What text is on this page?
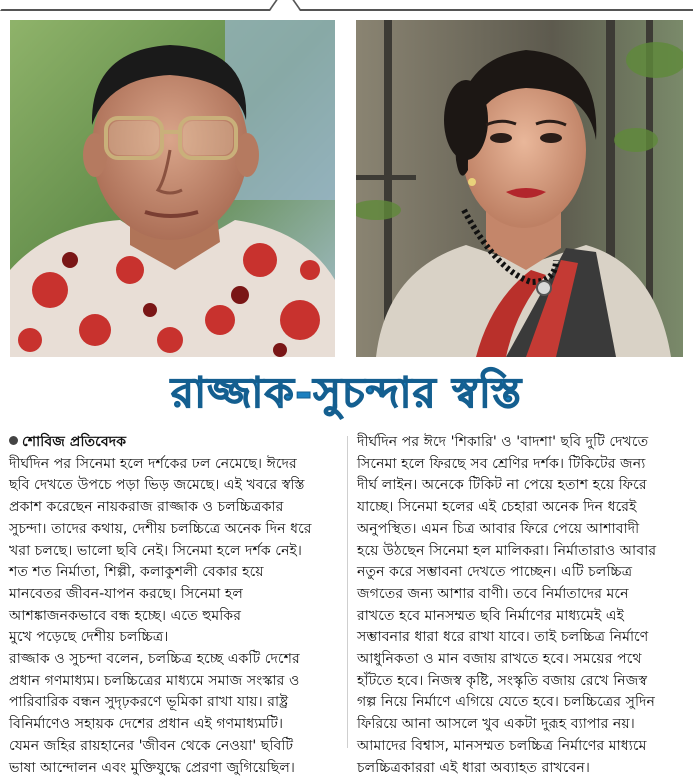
রাজ্জাক-সুচন্দার স্বস্তি

শোবিজ প্রতিবেদক

দীর্ঘদিন পর সিনেমা হলে দর্শকের ঢল নেমেছে। ঈদের

ছবি দেখতে উপচে পড়া ভিড় জমেছে। এই খবরে স্বস্তি

প্রকাশ করেছেন নায়করাজ রাজ্জাক ও চলচ্চিত্রকার

সুচন্দা। তাদের কথায়, দেশীয় চলচ্চিত্রে অনেক দিন ধরে

খরা চলছে। ভালো ছবি নেই। সিনেমা হলে দর্শক নেই।

শত শত নির্মাতা, শিল্পী, কলাকুশলী বেকার হয়ে

মানবেতর জীবন-যাপন করছে। সিনেমা হল

আশঙ্কাজনকভাবে বন্ধ হচ্ছে। এতে হুমকির

মুখে পড়েছে দেশীয় চলচ্চিত্র।

রাজ্জাক ও সুচন্দা বলেন, চলচ্চিত্র হচ্ছে একটি দেশের

প্রধান গণমাধ্যম। চলচ্চিত্রের মাধ্যমে সমাজ সংস্কার ও

পারিবারিক বন্ধন সুদৃঢ়করণে ভূমিকা রাখা যায়। রাষ্ট্র

বিনির্মাণেও সহায়ক দেশের প্রধান এই গণমাধ্যমটি।

যেমন জহির রায়হানের 'জীবন থেকে নেওয়া' ছবিটি

ভাষা আন্দোলন এবং মুক্তিযুদ্ধে প্রেরণা জুগিয়েছিল।

দীর্ঘদিন পর ঈদে 'শিকারি' ও 'বাদশা' ছবি দুটি দেখতে

সিনেমা হলে ফিরছে সব শ্রেণির দর্শক। টিকিটের জন্য

দীর্ঘ লাইন। অনেকে টিকিট না পেয়ে হতাশ হয়ে ফিরে

যাচ্ছে। সিনেমা হলের এই চেহারা অনেক দিন ধরেই

অনুপস্থিত। এমন চিত্র আবার ফিরে পেয়ে আশাবাদী

হয়ে উঠছেন সিনেমা হল মালিকরা। নির্মাতারাও আবার

নতুন করে সম্ভাবনা দেখতে পাচ্ছেন। এটি চলচ্চিত্র

জগতের জন্য আশার বাণী। তবে নির্মাতাদের মনে

রাখতে হবে মানসম্মত ছবি নির্মাণের মাধ্যমেই এই

সম্ভাবনার ধারা ধরে রাখা যাবে। তাই চলচ্চিত্র নির্মাণে

আধুনিকতা ও মান বজায় রাখতে হবে। সময়ের পথে

হাঁটতে হবে। নিজস্ব কৃষ্টি, সংস্কৃতি বজায় রেখে নিজস্ব

গল্প নিয়ে নির্মাণে এগিয়ে যেতে হবে। চলচ্চিত্রের সুদিন

ফিরিয়ে আনা আসলে খুব একটা দুরূহ ব্যাপার নয়।

আমাদের বিশ্বাস, মানসম্মত চলচ্চিত্র নির্মাণের মাধ্যমে

চলচ্চিত্রকাররা এই ধারা অব্যাহত রাখবেন।
